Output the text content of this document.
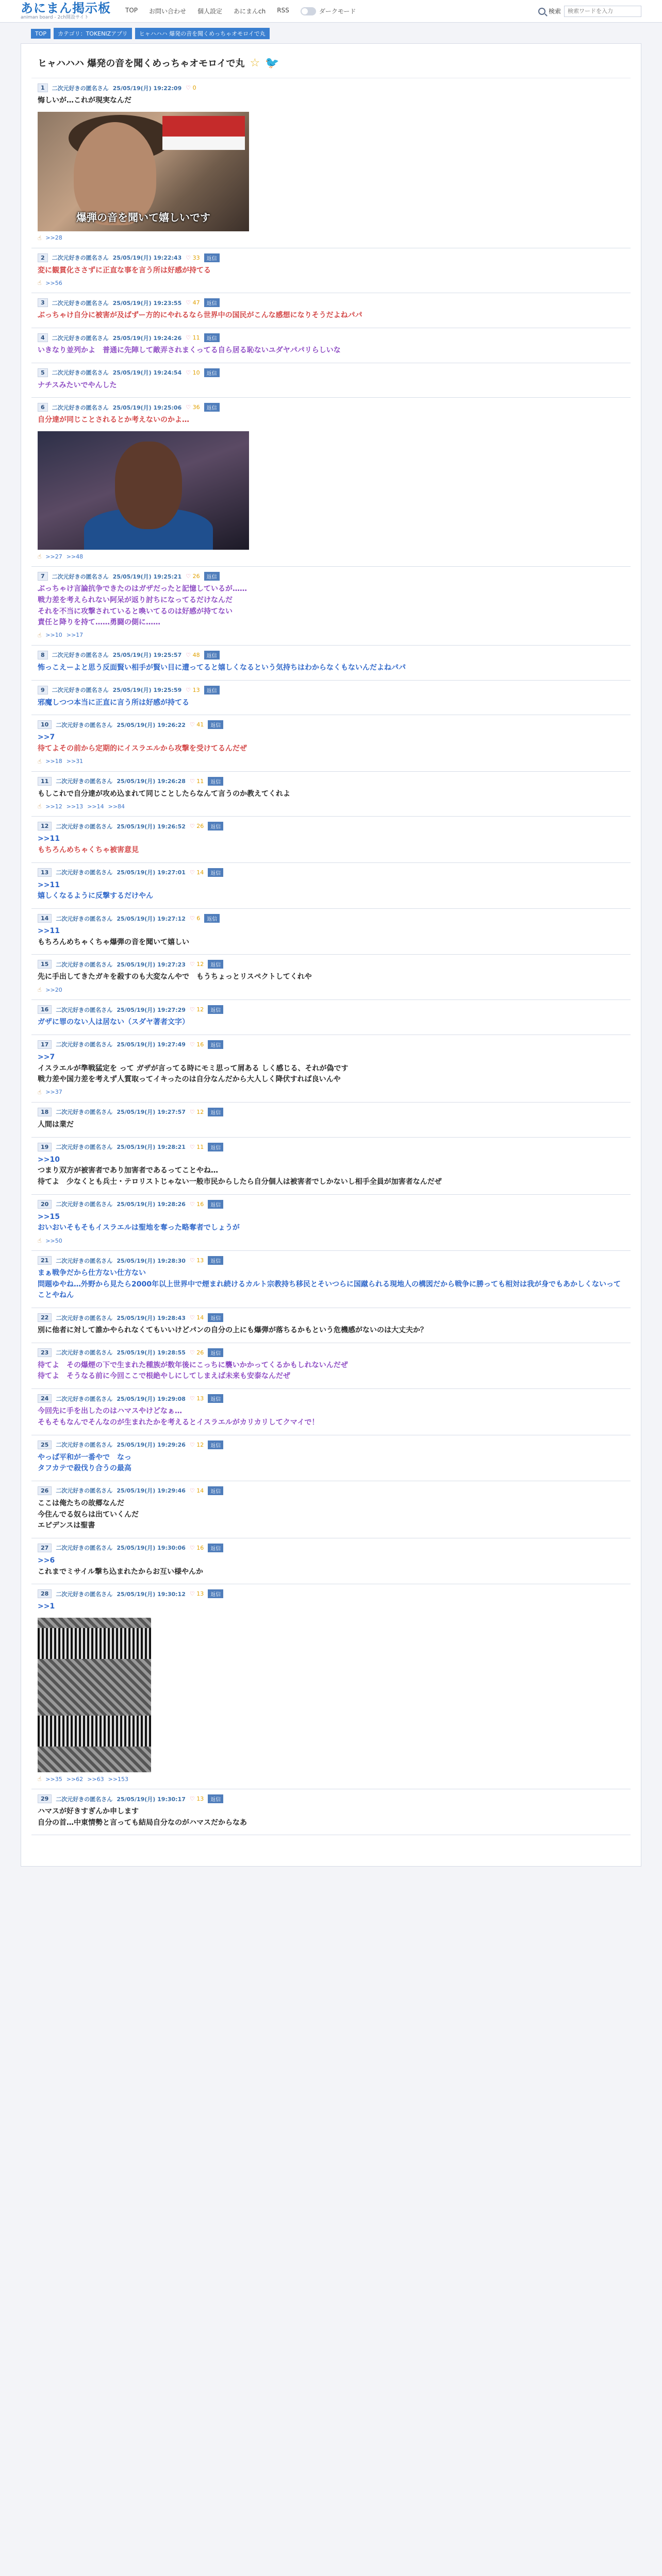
あにまん掲示板
animan board - 2ch開設サイト
TOP お問い合わせ 個人設定 あにまんch RSS	ダークモード	検索
検索ワードを入力
TOP	カテゴリ：TOKENIZアプリ	ヒャハハハ 爆発の音を聞くめっちゃオモロイで丸
ヒャハハハ 爆発の音を聞くめっちゃオモロイで丸 ☆ 🐦
1	二次元好きの匿名さん 25/05/19(月) 19:22:09 ♡ 0
悔しいが…これが現実なんだ
爆弾の音を聞いて嬉しいです
☝ >>28
2	二次元好きの匿名さん 25/05/19(月) 19:22:43 ♡ 33	返信
変に観賞化ささずに正直な事を言う所は好感が持てる
☝ >>56
3	二次元好きの匿名さん 25/05/19(月) 19:23:55 ♡ 47	返信
ぶっちゃけ自分に被害が及ばずー方的にやれるなら世界中の国民がこんな感想になりそうだよねパパ
4	二次元好きの匿名さん 25/05/19(月) 19:24:26 ♡ 11	返信
いきなり並列かよ　普通に先陣して敵弄されまくってる自ら居る恥ないユダヤパパリらしいな
5	二次元好きの匿名さん 25/05/19(月) 19:24:54 ♡ 10	返信
ナチスみたいでやんした
6	二次元好きの匿名さん 25/05/19(月) 19:25:06 ♡ 36	返信
自分達が同じことされるとか考えないのかよ…
☝ >>27 >>48
7	二次元好きの匿名さん 25/05/19(月) 19:25:21 ♡ 26	返信
ぶっちゃけ言論抗争できたのはガザだったと記憶しているが……
戦力差を考えられない阿呆が返り討ちになってるだけなんだ
それを不当に攻撃されていると喚いてるのは好感が持てない
責任と降りを持て……勇闘の側に……
☝ >>10 >>17
8	二次元好きの匿名さん 25/05/19(月) 19:25:57 ♡ 48	返信
怖っこえーよと思う反面賢い相手が賢い目に遭ってると嬉しくなるという気持ちはわからなくもないんだよねパパ
9	二次元好きの匿名さん 25/05/19(月) 19:25:59 ♡ 13	返信
邪魔しつつ本当に正直に言う所は好感が持てる
10	二次元好きの匿名さん 25/05/19(月) 19:26:22 ♡ 41	返信
>>7
待てよその前から定期的にイスラエルから攻撃を受けてるんだぜ
☝ >>18 >>31
11	二次元好きの匿名さん 25/05/19(月) 19:26:28 ♡ 11	返信
もしこれで自分達が攻め込まれて同じことしたらなんて言うのか教えてくれよ
☝ >>12 >>13 >>14 >>84
12	二次元好きの匿名さん 25/05/19(月) 19:26:52 ♡ 26	返信
>>11
もちろんめちゃくちゃ被害意見
13	二次元好きの匿名さん 25/05/19(月) 19:27:01 ♡ 14	返信
>>11
嬉しくなるように反撃するだけやん
14	二次元好きの匿名さん 25/05/19(月) 19:27:12 ♡ 6	返信
>>11
もちろんめちゃくちゃ爆弾の音を聞いて嬉しい
15	二次元好きの匿名さん 25/05/19(月) 19:27:23 ♡ 12	返信
先に手出してきたガキを殺すのも大変なんやで　もうちょっとリスペクトしてくれや
☝ >>20
16	二次元好きの匿名さん 25/05/19(月) 19:27:29 ♡ 12	返信
ガザに罪のない人は居ない（スダヤ著者文字）
17	二次元好きの匿名さん 25/05/19(月) 19:27:49 ♡ 16	返信
>>7
イスラエルが準戦猛定を って ガザが言ってる時にモミ思って屑ある しく感じる、それが偽です
戦力差や国力差を考えず人質取ってイキったのは自分なんだから大人しく降伏すれば良いんや
☝ >>37
18	二次元好きの匿名さん 25/05/19(月) 19:27:57 ♡ 12	返信
人間は業だ
19	二次元好きの匿名さん 25/05/19(月) 19:28:21 ♡ 11	返信
>>10
つまり双方が被害者であり加害者であるってことやね…
待てよ　少なくとも兵士・テロリストじゃない一般市民からしたら自分個人は被害者でしかないし相手全員が加害者なんだぜ
20	二次元好きの匿名さん 25/05/19(月) 19:28:26 ♡ 16	返信
>>15
おいおいそもそもイスラエルは聖地を奪った略奪者でしょうが
☝ >>50
21	二次元好きの匿名さん 25/05/19(月) 19:28:30 ♡ 13	返信
まぁ戦争だから仕方ない仕方ない
問題ゆやね…外野から見たら2000年以上世界中で煙まれ続けるカルト宗教持ち移民とそいつらに国蹴られる現地人の構図だから戦争に勝っても相対は我が身でもあかしくないってことやねん
22	二次元好きの匿名さん 25/05/19(月) 19:28:43 ♡ 14	返信
別に他者に対して誰かやられなくてもいいけどパンの自分の上にも爆弾が落ちるかもという危機感がないのは大丈夫か？
23	二次元好きの匿名さん 25/05/19(月) 19:28:55 ♡ 26	返信
待てよ　その爆煙の下で生まれた種族が数年後にこっちに襲いかかってくるかもしれないんだぜ
待てよ　そうなる前に今回ここで根絶やしにしてしまえば未来も安泰なんだぜ
24	二次元好きの匿名さん 25/05/19(月) 19:29:08 ♡ 13	返信
今回先に手を出したのはハマスやけどなぁ…
そもそもなんでそんなのが生まれたかを考えるとイスラエルがカリカリしてクマイで！
25	二次元好きの匿名さん 25/05/19(月) 19:29:26 ♡ 12	返信
やっぱ平和が一番やで　なっ
タフカテで殺伐り合うの最高
26	二次元好きの匿名さん 25/05/19(月) 19:29:46 ♡ 14	返信
ここは俺たちの故郷なんだ
今住んでる奴らは出ていくんだ
エピデンスは聖書
27	二次元好きの匿名さん 25/05/19(月) 19:30:06 ♡ 16	返信
>>6
これまでミサイル撃ち込まれたからお互い様やんか
28	二次元好きの匿名さん 25/05/19(月) 19:30:12 ♡ 13	返信
>>1
☝ >>35 >>62 >>63 >>153
29	二次元好きの匿名さん 25/05/19(月) 19:30:17 ♡ 13	返信
ハマスが好きすぎんか申します
自分の首…中東情勢と言っても結局自分なのがハマスだからなあ
